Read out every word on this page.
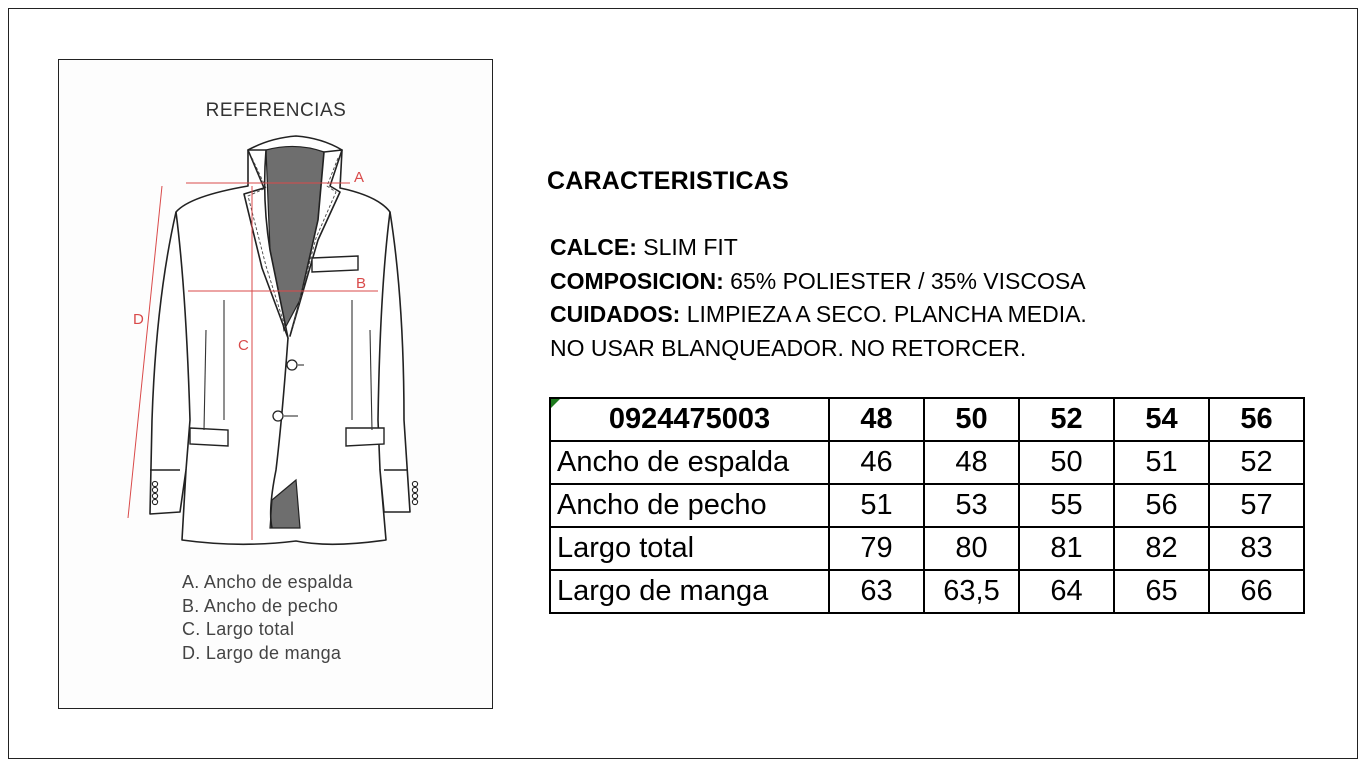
REFERENCIAS
A
B
C
D
A. Ancho de espalda
B. Ancho de pecho
C. Largo total
D. Largo de manga
CARACTERISTICAS
CALCE: SLIM FIT
COMPOSICION: 65% POLIESTER / 35% VISCOSA
CUIDADOS: LIMPIEZA A SECO. PLANCHA MEDIA.
NO USAR BLANQUEADOR. NO RETORCER.
0924475003	48	50	52	54	56
Ancho de espalda	46	48	50	51	52
Ancho de pecho	51	53	55	56	57
Largo total	79	80	81	82	83
Largo de manga	63	63,5	64	65	66
